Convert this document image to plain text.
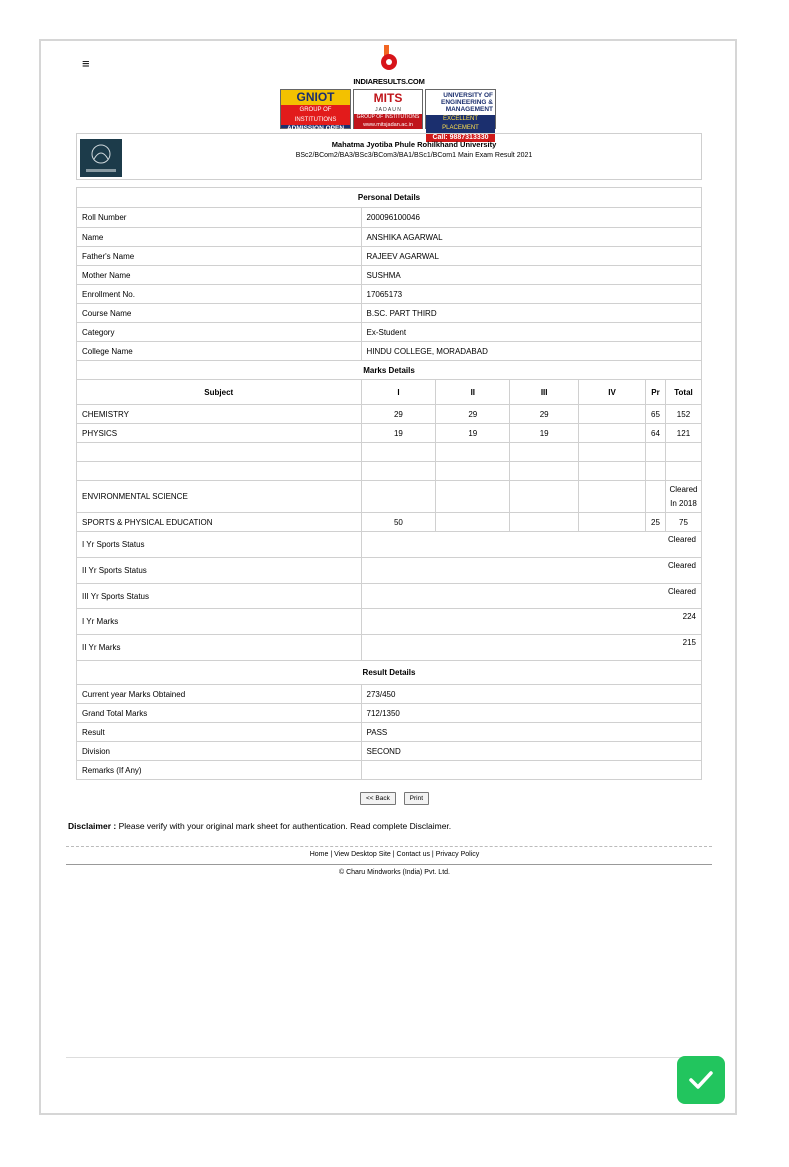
≡
INDIARESULTS.COM
GNIOT
GROUP OF INSTITUTIONS
ADMISSION OPEN
18002746969
MITS
J A D A U N
GROUP OF INSTITUTIONS
www.mitsjadan.ac.in
UNIVERSITY OF ENGINEERING & MANAGEMENT
EXCELLENT PLACEMENT
Call: 9887313330
Mahatma Jyotiba Phule Rohilkhand University
BSc2/BCom2/BA3/BSc3/BCom3/BA1/BSc1/BCom1 Main Exam Result 2021
Personal Details						
Roll Number	200096100046					
Name	ANSHIKA AGARWAL					
Father's Name	RAJEEV AGARWAL					
Mother Name	SUSHMA					
Enrollment No.	17065173					
Course Name	B.SC. PART THIRD					
Category	Ex-Student					
College Name	HINDU COLLEGE, MORADABAD					
Marks Details						
Subject	I	II	III	IV	Pr	Total
CHEMISTRY	29	29	29		65	152
PHYSICS	19	19	19		64	121

ENVIRONMENTAL SCIENCE						Cleared
In 2018
SPORTS & PHYSICAL EDUCATION	50				25	75
I Yr Sports Status	Cleared					
II Yr Sports Status	Cleared					
III Yr Sports Status	Cleared					
I Yr Marks	224					
II Yr Marks	215					
Result Details						
Current year Marks Obtained	273/450					
Grand Total Marks	712/1350					
Result	PASS					
Division	SECOND					
Remarks (If Any)						
<< Back	Print
Disclaimer : Please verify with your original mark sheet for authentication. Read complete Disclaimer.
Home | View Desktop Site | Contact us | Privacy Policy
© Charu Mindworks (India) Pvt. Ltd.
